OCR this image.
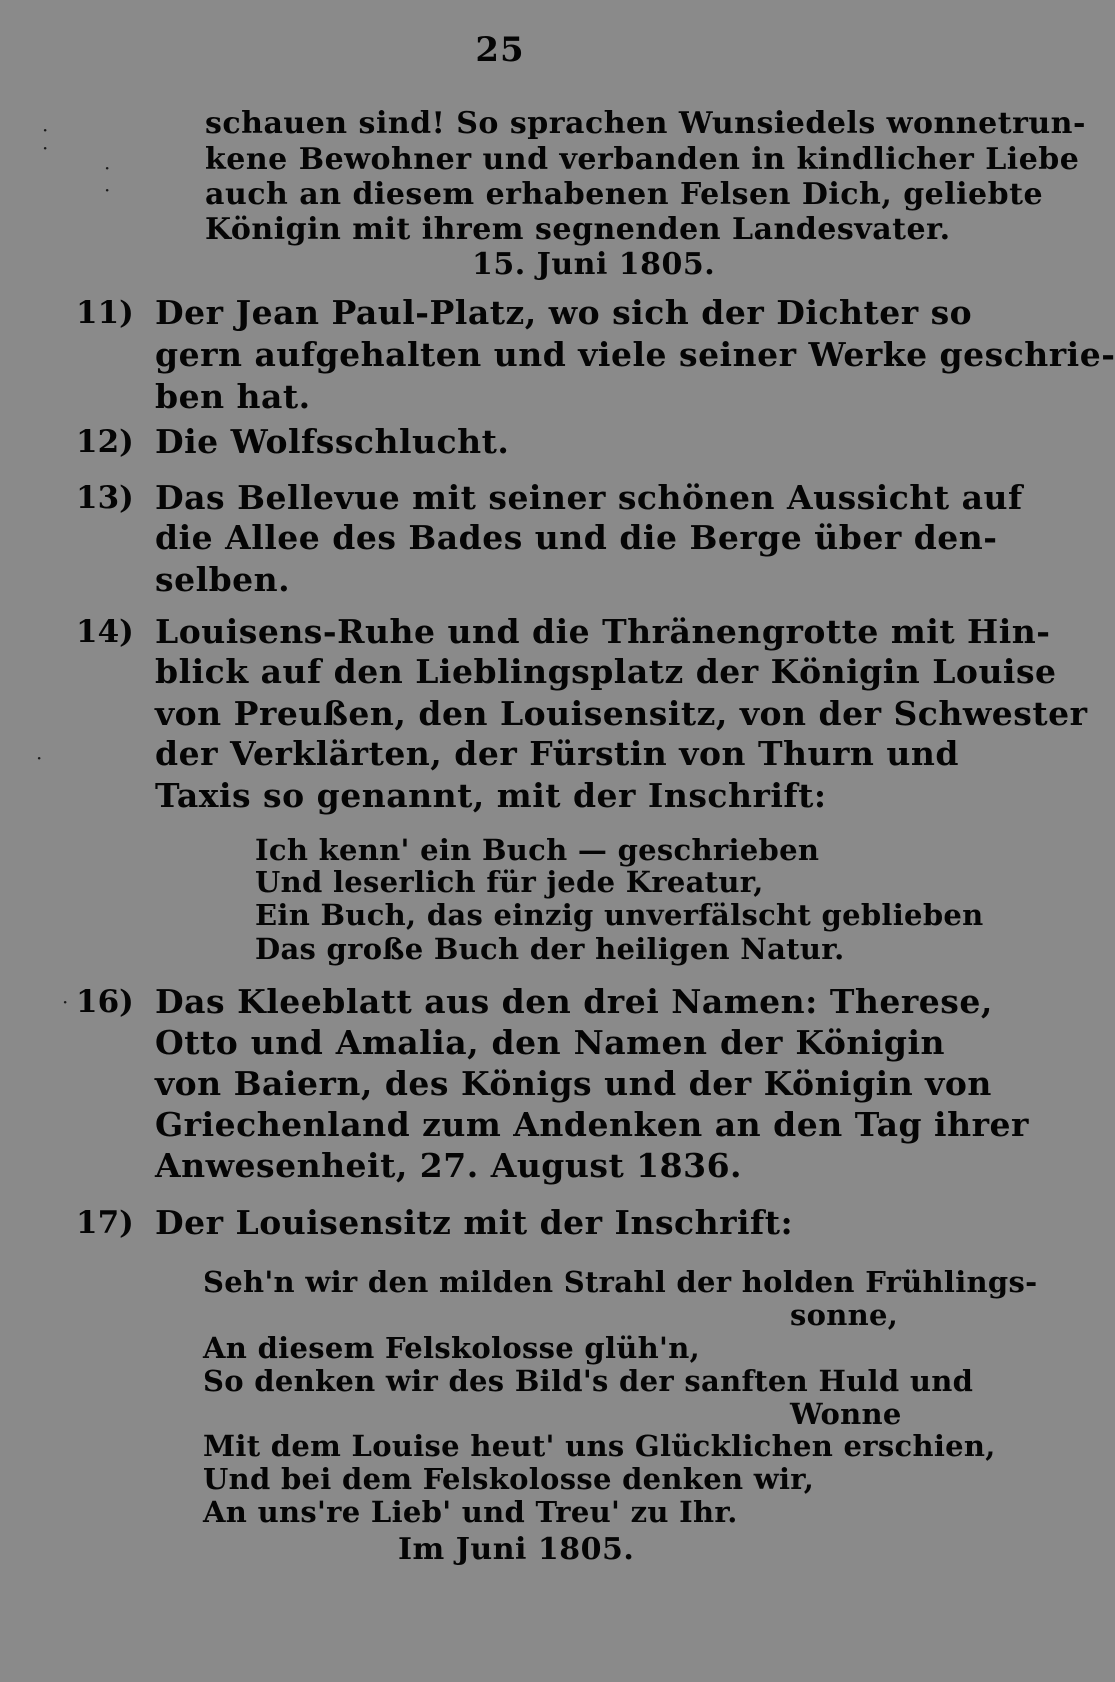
25
schauen sind! So sprachen Wunsiedels wonnetrun-
kene Bewohner und verbanden in kindlicher Liebe
auch an diesem erhabenen Felsen Dich, geliebte
Königin mit ihrem segnenden Landesvater.
15. Juni 1805.
11) Der Jean Paul-Platz, wo sich der Dichter so
gern aufgehalten und viele seiner Werke geschrie-
ben hat.
12) Die Wolfsschlucht.
13) Das Bellevue mit seiner schönen Aussicht auf
die Allee des Bades und die Berge über den-
selben.
14) Louisens-Ruhe und die Thränengrotte mit Hin-
blick auf den Lieblingsplatz der Königin Louise
von Preußen, den Louisensitz, von der Schwester
der Verklärten, der Fürstin von Thurn und
Taxis so genannt, mit der Inschrift:
Ich kenn' ein Buch — geschrieben
Und leserlich für jede Kreatur,
Ein Buch, das einzig unverfälscht geblieben
Das große Buch der heiligen Natur.
16) Das Kleeblatt aus den drei Namen: Therese,
Otto und Amalia, den Namen der Königin
von Baiern, des Königs und der Königin von
Griechenland zum Andenken an den Tag ihrer
Anwesenheit, 27. August 1836.
17) Der Louisensitz mit der Inschrift:
Seh'n wir den milden Strahl der holden Frühlings-
sonne,
An diesem Felskolosse glüh'n,
So denken wir des Bild's der sanften Huld und
Wonne
Mit dem Louise heut' uns Glücklichen erschien,
Und bei dem Felskolosse denken wir,
An uns're Lieb' und Treu' zu Ihr.
Im Juni 1805.
·
·
·
·
·
·
